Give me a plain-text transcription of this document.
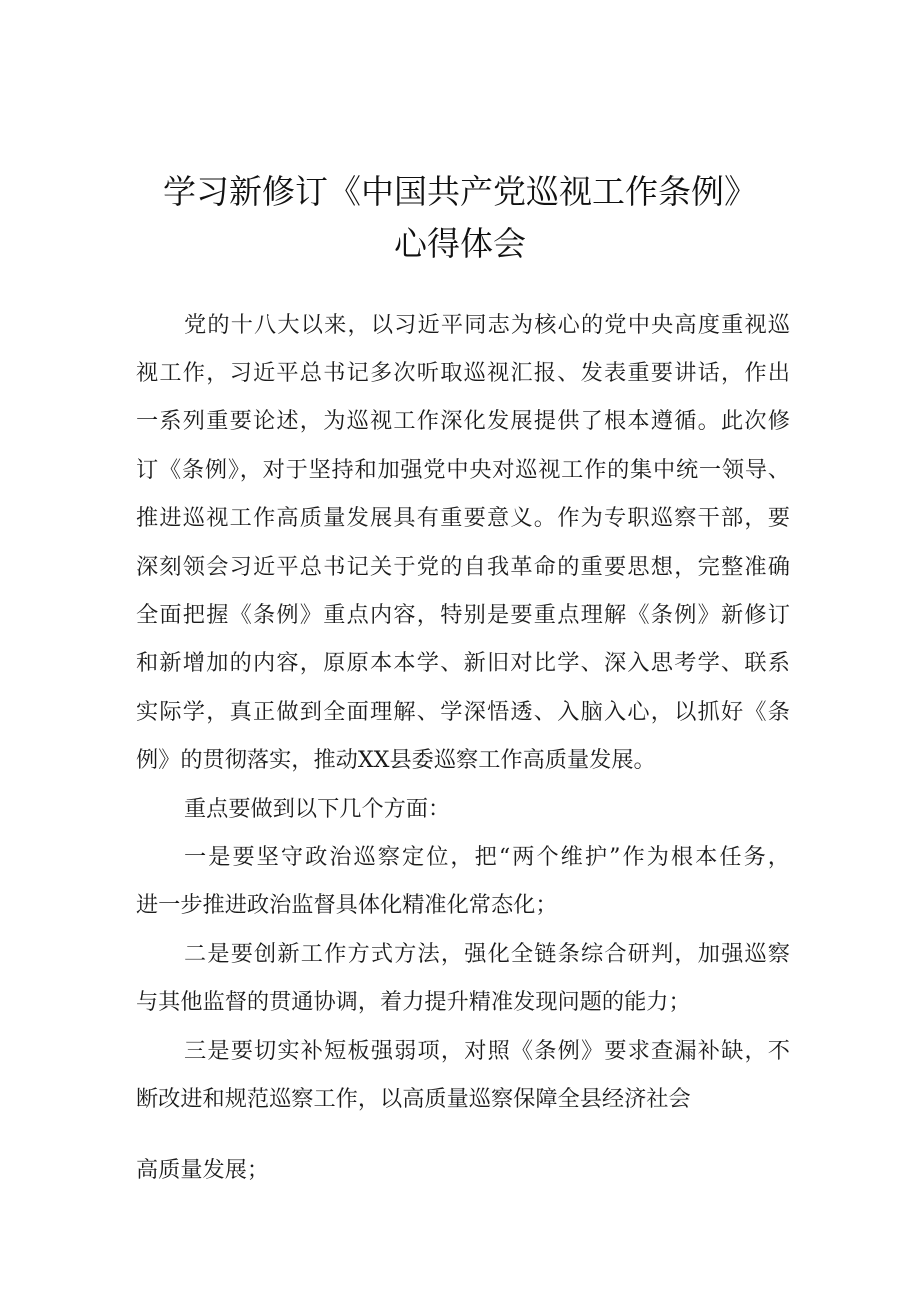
学习新修订《中国共产党巡视工作条例》
心得体会
党的十八大以来，以习近平同志为核心的党中央高度重视巡
视工作，习近平总书记多次听取巡视汇报、发表重要讲话，作出
一系列重要论述，为巡视工作深化发展提供了根本遵循。此次修
订《条例》，对于坚持和加强党中央对巡视工作的集中统一领导、
推进巡视工作高质量发展具有重要意义。作为专职巡察干部，要
深刻领会习近平总书记关于党的自我革命的重要思想，完整准确
全面把握《条例》重点内容，特别是要重点理解《条例》新修订
和新增加的内容，原原本本学、新旧对比学、深入思考学、联系
实际学，真正做到全面理解、学深悟透、入脑入心，以抓好《条
例》的贯彻落实，推动XX县委巡察工作高质量发展。
重点要做到以下几个方面：
一是要坚守政治巡察定位，把“两个维护”作为根本任务，
进一步推进政治监督具体化精准化常态化；
二是要创新工作方式方法，强化全链条综合研判，加强巡察
与其他监督的贯通协调，着力提升精准发现问题的能力；
三是要切实补短板强弱项，对照《条例》要求查漏补缺，不
断改进和规范巡察工作，以高质量巡察保障全县经济社会
高质量发展；
